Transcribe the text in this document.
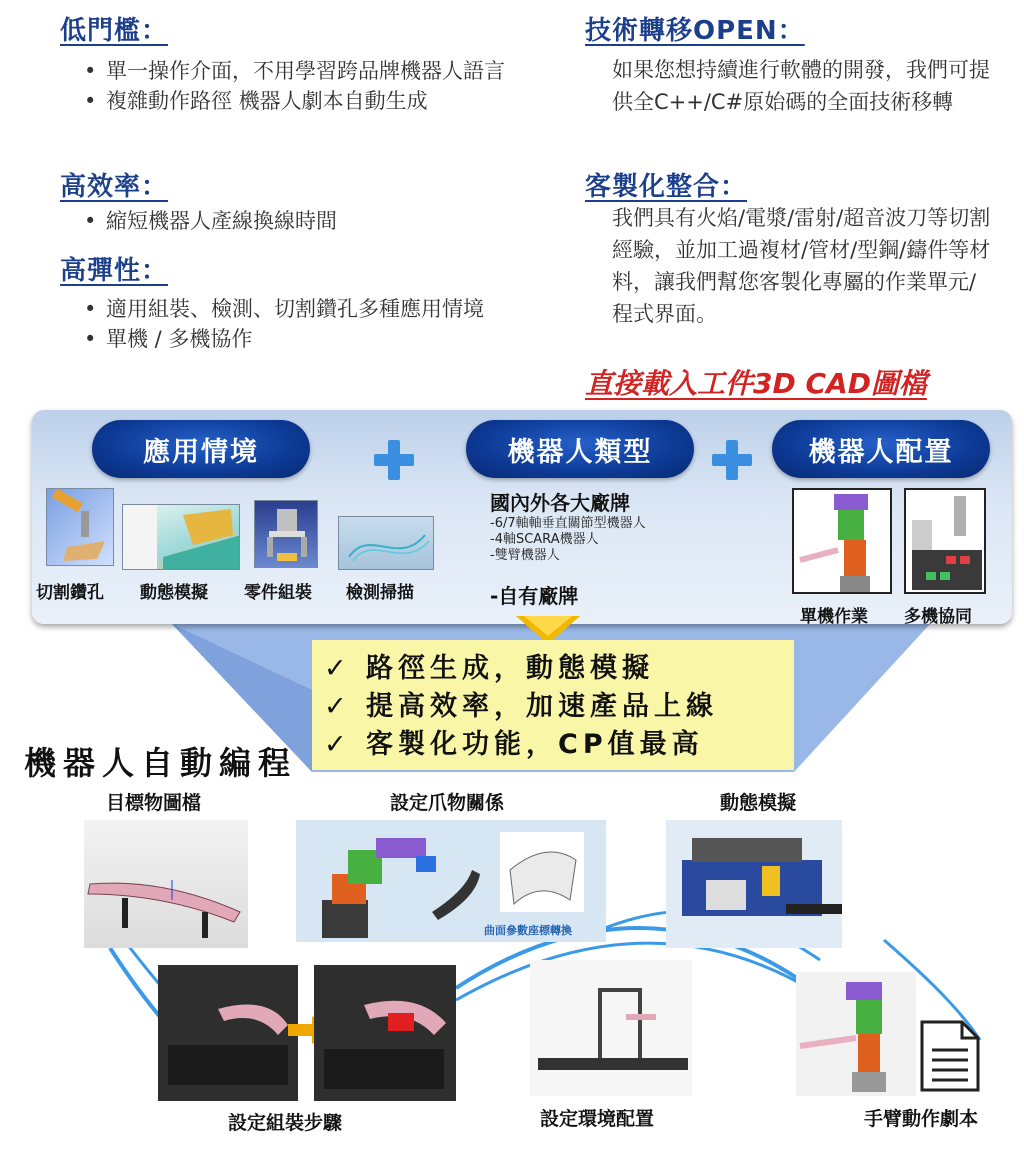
低門檻：
• 單一操作介面，不用學習跨品牌機器人語言
• 複雜動作路徑 機器人劇本自動生成
高效率：
• 縮短機器人產線換線時間
高彈性：
• 適用組裝、檢測、切割鑽孔多種應用情境
• 單機 / 多機協作
技術轉移OPEN：
如果您想持續進行軟體的開發，我們可提供全C++/C#原始碼的全面技術移轉
客製化整合：
我們具有火焰/電漿/雷射/超音波刀等切割經驗，並加工過複材/管材/型鋼/鑄件等材料，讓我們幫您客製化專屬的作業單元/程式界面。
直接載入工件3D CAD圖檔
應用情境	機器人類型	機器人配置
切割鑽孔 動態模擬 零件組裝 檢測掃描
國內外各大廠牌
-6/7軸軸垂直關節型機器人
-4軸SCARA機器人
-雙臂機器人
-自有廠牌
單機作業 多機協同
✓ 路徑生成，動態模擬
✓ 提高效率，加速產品上線
✓ 客製化功能，CP值最高
機器人自動編程
目標物圖檔	設定爪物關係	動態模擬
曲面參數座標轉換
設定組裝步驟	設定環境配置	手臂動作劇本
